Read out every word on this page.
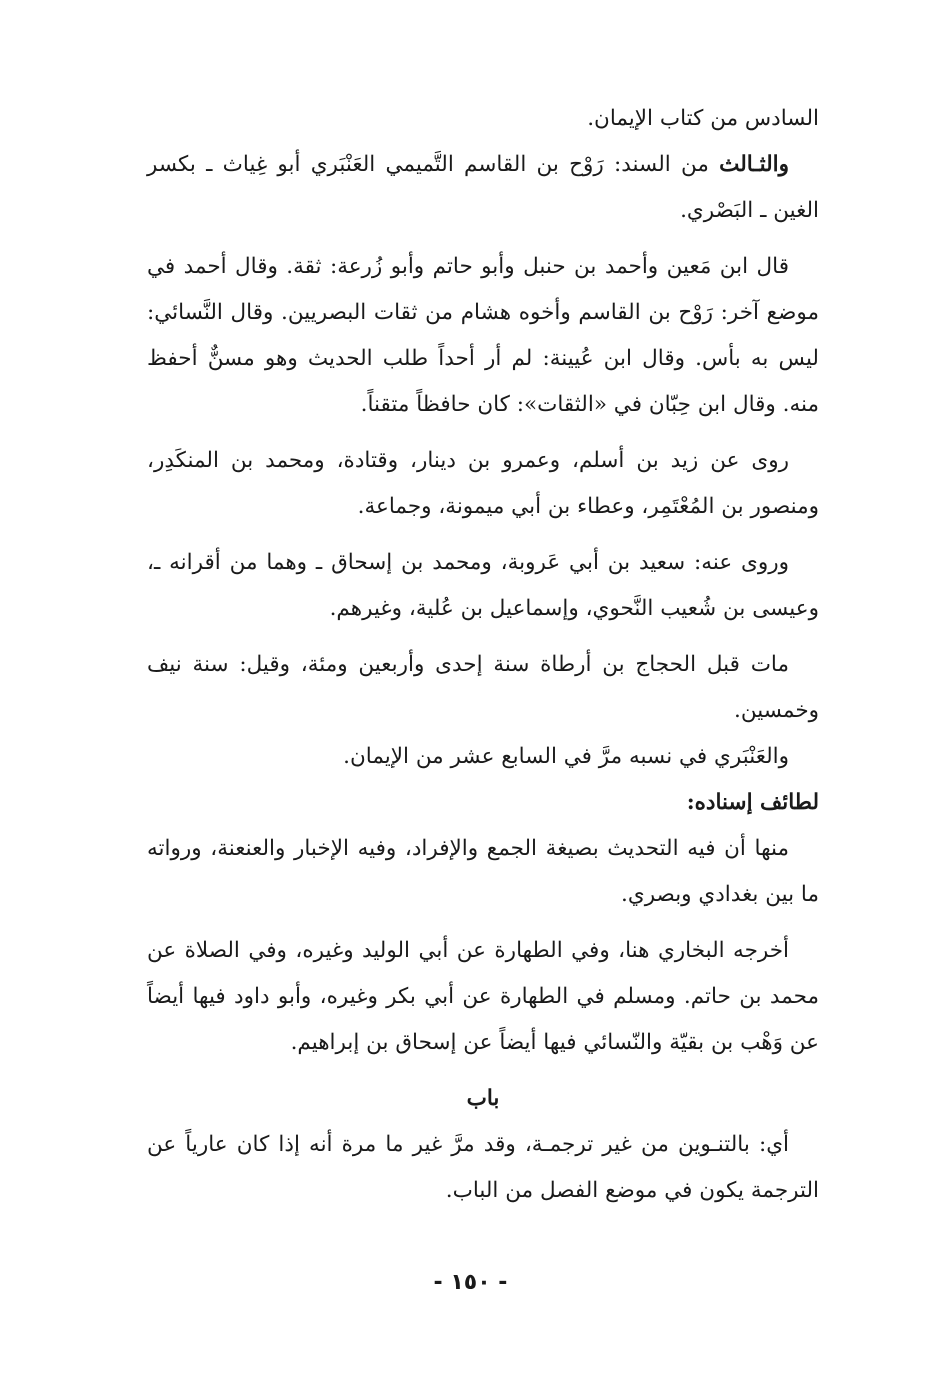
السادس من كتاب الإيمان.

والثـالث من السند: رَوْح بن القاسم التَّميمي العَنْبَري أبو غِياث ـ بكسر الغين ـ البَصْري.

قال ابن مَعين وأحمد بن حنبل وأبو حاتم وأبو زُرعة: ثقة. وقال أحمد في موضع آخر: رَوْح بن القاسم وأخوه هشام من ثقات البصريين. وقال النَّسائي: ليس به بأس. وقال ابن عُيينة: لم أر أحداً طلب الحديث وهو مسنٌّ أحفظ منه. وقال ابن حِبّان في «الثقات»: كان حافظاً متقناً.

روى عن زيد بن أسلم، وعمرو بن دينار، وقتادة، ومحمد بن المنكَدِر، ومنصور بن المُعْتَمِر، وعطاء بن أبي ميمونة، وجماعة.

وروى عنه: سعيد بن أبي عَروبة، ومحمد بن إسحاق ـ وهما من أقرانه ـ، وعيسى بن شُعيب النَّحوي، وإسماعيل بن عُلية، وغيرهم.

مات قبل الحجاج بن أرطاة سنة إحدى وأربعين ومئة، وقيل: سنة نيف وخمسين.

والعَنْبَري في نسبه مرَّ في السابع عشر من الإيمان.

لطائف إسناده:

منها أن فيه التحديث بصيغة الجمع والإفراد، وفيه الإخبار والعنعنة، ورواته ما بين بغدادي وبصري.

أخرجه البخاري هنا، وفي الطهارة عن أبي الوليد وغيره، وفي الصلاة عن محمد بن حاتم. ومسلم في الطهارة عن أبي بكر وغيره، وأبو داود فيها أيضاً عن وَهْب بن بقيّة والنّسائي فيها أيضاً عن إسحاق بن إبراهيم.

باب

أي: بالتنـوين من غير ترجمـة، وقد مرَّ غير ما مرة أنه إذا كان عارياً عن الترجمة يكون في موضع الفصل من الباب.

- ١٥٠ -
